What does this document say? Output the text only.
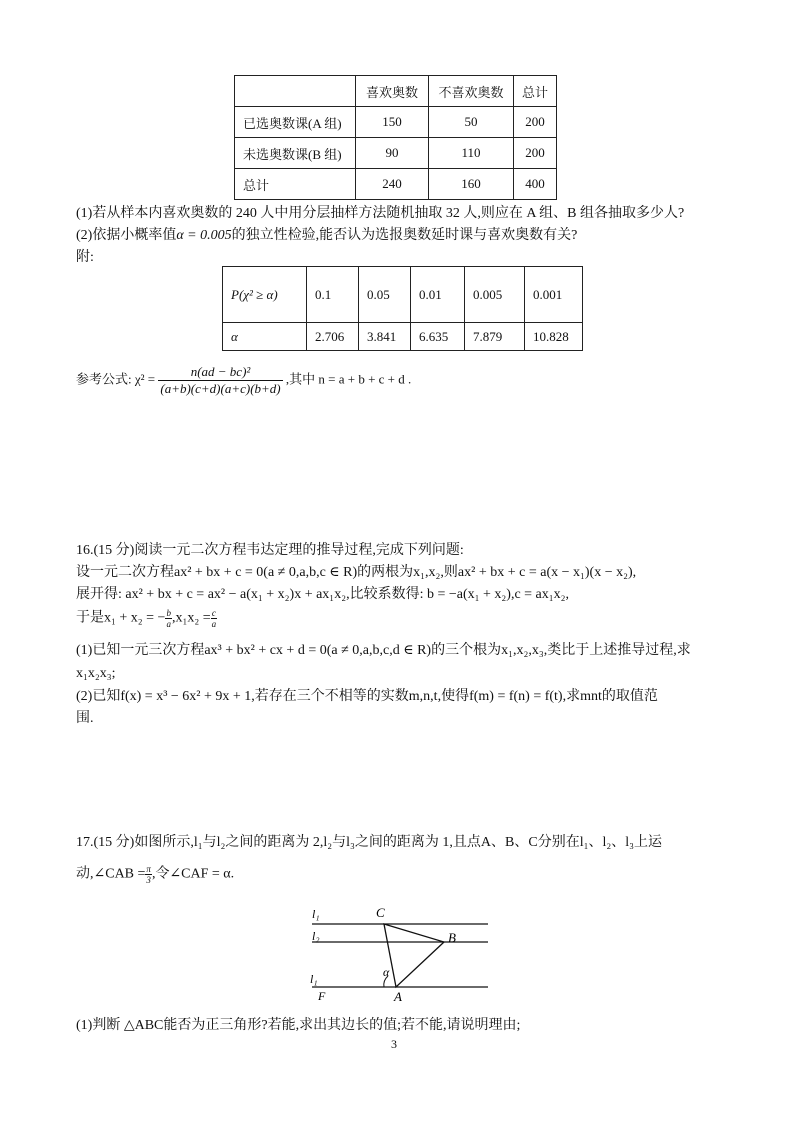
	喜欢奥数	不喜欢奥数	总计
已选奥数课(A 组)	150	50	200
未选奥数课(B 组)	90	110	200
总计	240	160	400
(1)若从样本内喜欢奥数的 240 人中用分层抽样方法随机抽取 32 人,则应在 A 组、B 组各抽取多少人?
(2)依据小概率值α = 0.005的独立性检验,能否认为选报奥数延时课与喜欢奥数有关?
附:
P(χ² ≥ α)	0.1	0.05	0.01	0.005	0.001
α	2.706	3.841	6.635	7.879	10.828
参考公式: $\chi^2 = \frac{\text{n(ad − bc)²}}{(a+b)(c+d)(a+c)(b+d)}$ ,其中 n = a + b + c + d .
16.(15 分)阅读一元二次方程韦达定理的推导过程,完成下列问题:
设一元二次方程ax² + bx + c = 0(a ≠ 0,a,b,c ∈ R)的两根为x₁,x₂,则ax² + bx + c = a(x − x₁)(x − x₂),
展开得: ax² + bx + c = ax² − a(x₁ + x₂)x + ax₁x₂,比较系数得: b = −a(x₁ + x₂),c = ax₁x₂,
于是x₁ + x₂ = − $\frac{b}{a} ,x_1x_2 = \frac{c}{a}$
(1)已知一元三次方程ax³ + bx² + cx + d = 0(a ≠ 0,a,b,c,d ∈ R)的三个根为x₁,x₂,x₃,类比于上述推导过程,求
x₁x₂x₃;
(2)已知f(x) = x³ − 6x² + 9x + 1,若存在三个不相等的实数m,n,t,使得f(m) = f(n) = f(t),求mnt的取值范
围.
17.(15 分)如图所示,l₁与l₂之间的距离为 2,l₂与l₃之间的距离为 1,且点A、B、C分别在l₁、l₂、l₃上运
动,∠CAB = $\frac{\pi}{3}$ ,令∠CAF = α.
l₁
l₂
l₁
F
C
B
A
α
(1)判断 △ABC能否为正三角形?若能,求出其边长的值;若不能,请说明理由;
3
